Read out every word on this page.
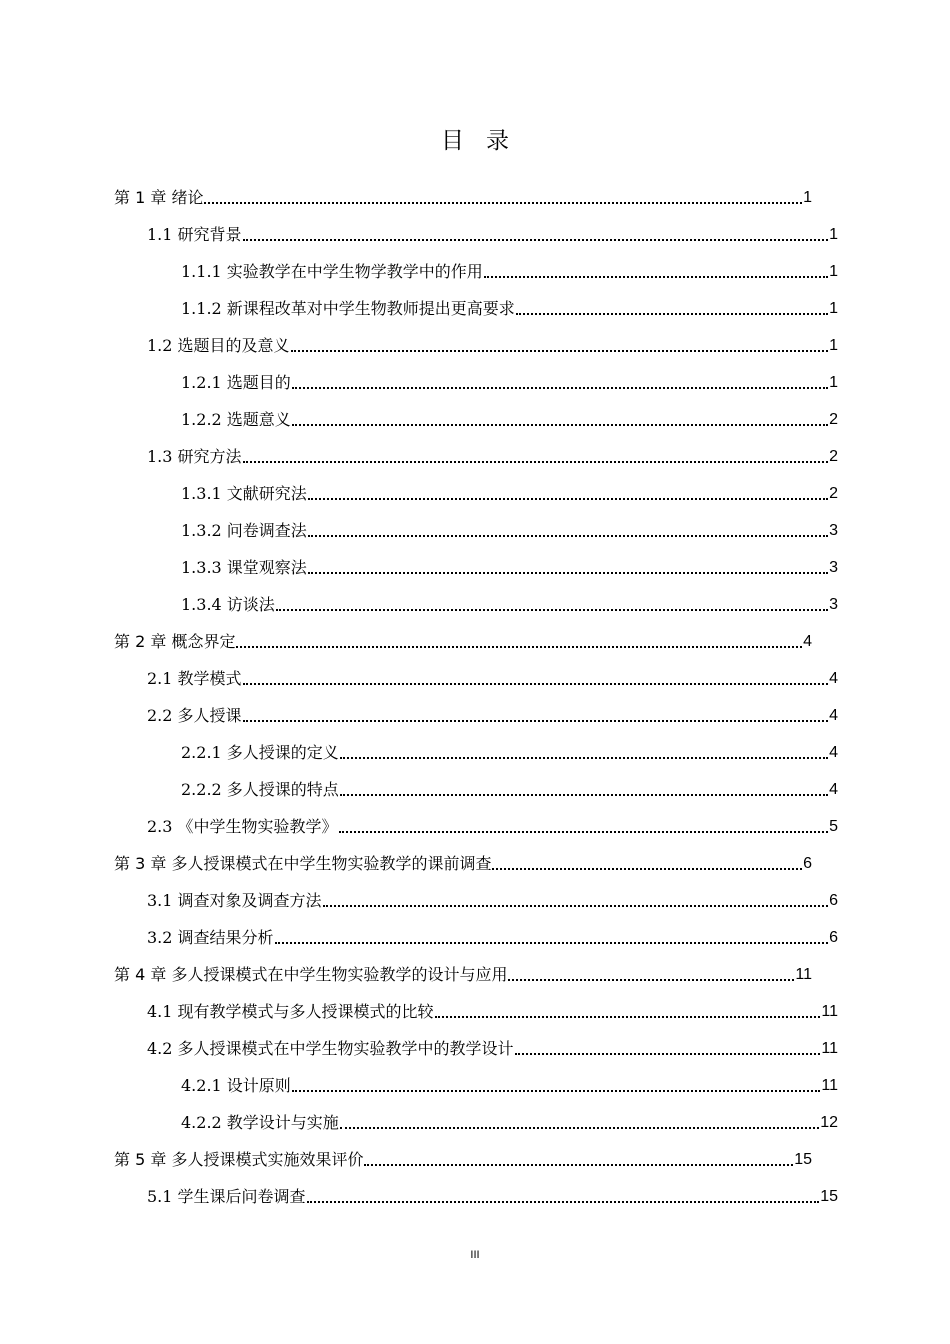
目录
第 1 章 绪论	1
1.1 研究背景	1
1.1.1 实验教学在中学生物学教学中的作用	1
1.1.2 新课程改革对中学生物教师提出更高要求	1
1.2 选题目的及意义	1
1.2.1 选题目的	1
1.2.2 选题意义	2
1.3 研究方法	2
1.3.1 文献研究法	2
1.3.2 问卷调查法	3
1.3.3 课堂观察法	3
1.3.4 访谈法	3
第 2 章 概念界定	4
2.1 教学模式	4
2.2 多人授课	4
2.2.1 多人授课的定义	4
2.2.2 多人授课的特点	4
2.3 《中学生物实验教学》	5
第 3 章 多人授课模式在中学生物实验教学的课前调查	6
3.1 调查对象及调查方法	6
3.2 调查结果分析	6
第 4 章 多人授课模式在中学生物实验教学的设计与应用	11
4.1 现有教学模式与多人授课模式的比较	11
4.2 多人授课模式在中学生物实验教学中的教学设计	11
4.2.1 设计原则	11
4.2.2 教学设计与实施	12
第 5 章 多人授课模式实施效果评价	15
5.1 学生课后问卷调查	15
III
